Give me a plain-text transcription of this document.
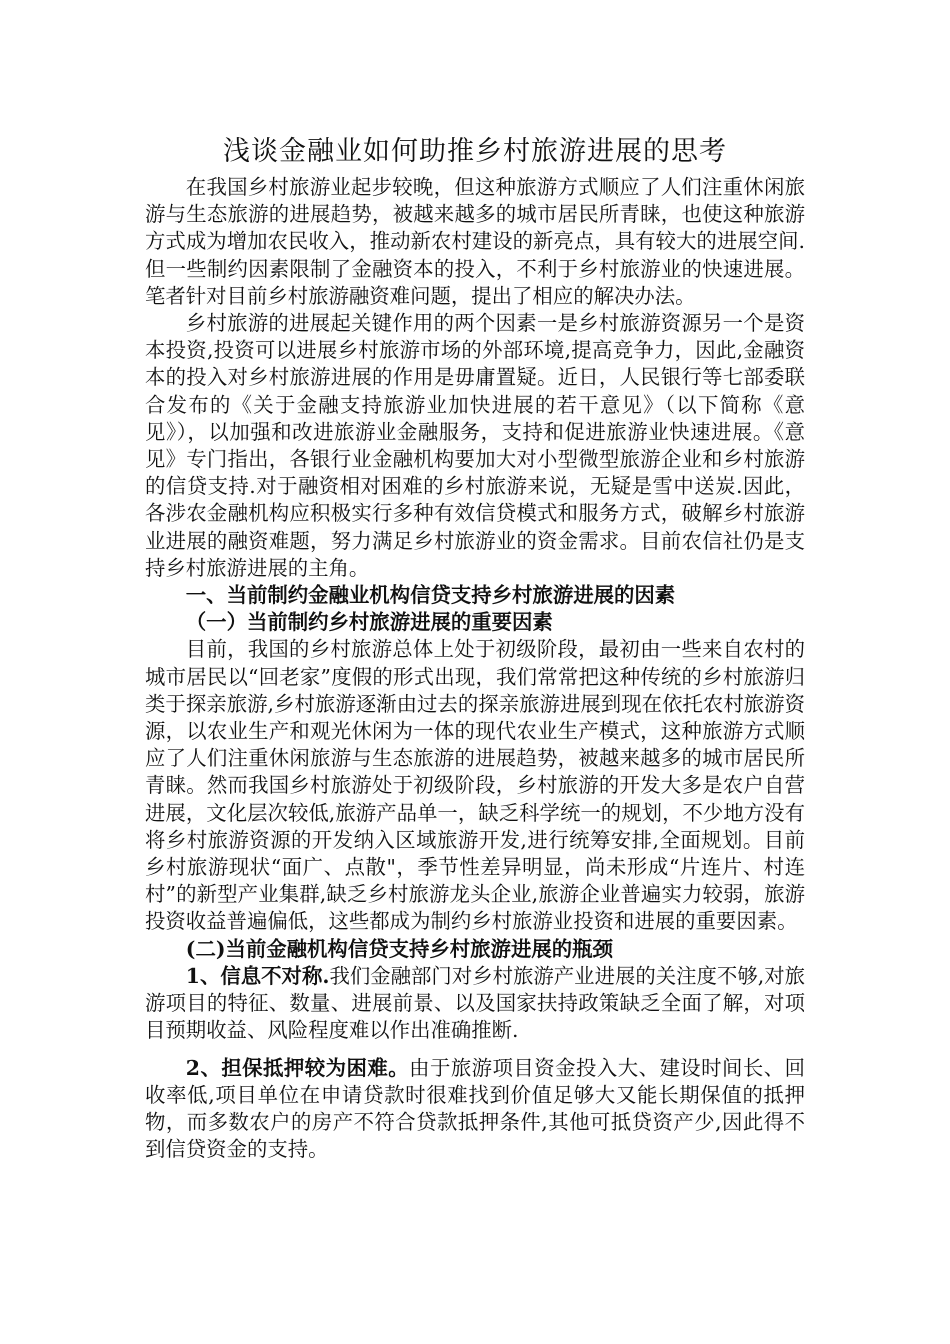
浅谈金融业如何助推乡村旅游进展的思考

在我国乡村旅游业起步较晚，但这种旅游方式顺应了人们注重休闲旅游与生态旅游的进展趋势，被越来越多的城市居民所青睐，也使这种旅游方式成为增加农民收入，推动新农村建设的新亮点，具有较大的进展空间.但一些制约因素限制了金融资本的投入，不利于乡村旅游业的快速进展。笔者针对目前乡村旅游融资难问题，提出了相应的解决办法。

乡村旅游的进展起关键作用的两个因素一是乡村旅游资源另一个是资本投资,投资可以进展乡村旅游市场的外部环境,提高竞争力，因此,金融资本的投入对乡村旅游进展的作用是毋庸置疑。近日，人民银行等七部委联合发布的《关于金融支持旅游业加快进展的若干意见》（以下简称《意见》），以加强和改进旅游业金融服务，支持和促进旅游业快速进展。《意见》专门指出，各银行业金融机构要加大对小型微型旅游企业和乡村旅游的信贷支持.对于融资相对困难的乡村旅游来说，无疑是雪中送炭.因此，各涉农金融机构应积极实行多种有效信贷模式和服务方式，破解乡村旅游业进展的融资难题，努力满足乡村旅游业的资金需求。目前农信社仍是支持乡村旅游进展的主角。

一、当前制约金融业机构信贷支持乡村旅游进展的因素

（一）当前制约乡村旅游进展的重要因素

目前，我国的乡村旅游总体上处于初级阶段，最初由一些来自农村的城市居民以“回老家”度假的形式出现，我们常常把这种传统的乡村旅游归类于探亲旅游,乡村旅游逐渐由过去的探亲旅游进展到现在依托农村旅游资源，以农业生产和观光休闲为一体的现代农业生产模式，这种旅游方式顺应了人们注重休闲旅游与生态旅游的进展趋势，被越来越多的城市居民所青睐。然而我国乡村旅游处于初级阶段，乡村旅游的开发大多是农户自营进展，文化层次较低,旅游产品单一，缺乏科学统一的规划，不少地方没有将乡村旅游资源的开发纳入区域旅游开发,进行统筹安排,全面规划。目前乡村旅游现状“面广、点散"，季节性差异明显，尚未形成“片连片、村连村”的新型产业集群,缺乏乡村旅游龙头企业,旅游企业普遍实力较弱，旅游投资收益普遍偏低，这些都成为制约乡村旅游业投资和进展的重要因素。

(二)当前金融机构信贷支持乡村旅游进展的瓶颈

1、信息不对称.我们金融部门对乡村旅游产业进展的关注度不够,对旅游项目的特征、数量、进展前景、以及国家扶持政策缺乏全面了解，对项目预期收益、风险程度难以作出准确推断.

2、担保抵押较为困难。由于旅游项目资金投入大、建设时间长、回收率低,项目单位在申请贷款时很难找到价值足够大又能长期保值的抵押物，而多数农户的房产不符合贷款抵押条件,其他可抵贷资产少,因此得不到信贷资金的支持。
